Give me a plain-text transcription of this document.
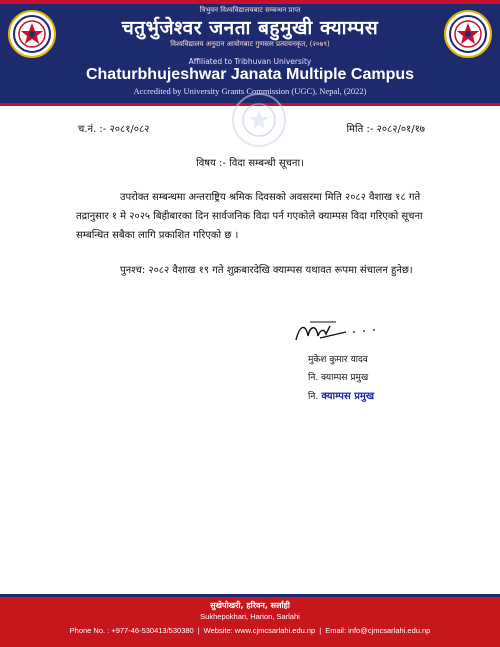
त्रिभुवन विश्वविद्यालयबाट सम्बन्धन प्राप्त
चतुर्भुजेश्वर जनता बहुमुखी क्याम्पस
विश्वविद्यालय अनुदान आयोगबाट गुणस्तर प्रत्यायनकृत, (२०७९)
Affiliated to Tribhuvan University
Chaturbhujeshwar Janata Multiple Campus
Accredited by University Grants Commission (UGC), Nepal, (2022)
च.नं. :- २०८१/०८२	मिति :- २०८२/०१/१७
विषय :- विदा सम्बन्धी सूचना।
उपरोक्त सम्बन्धमा अन्तराष्ट्रिय श्रमिक दिवसको अवसरमा मिति २०८२ वैशाख १८ गते तद्रानुसार १ मे २०२५ बिहीबारका दिन सार्वजनिक विदा पर्न गएकोले क्याम्पस विदा गरिएको सूचना सम्बन्धित सबैका लागि प्रकाशित गरिएको छ ।
पुनश्च: २०८२ वैशाख १९ गते शुक्रबारदेखि क्याम्पस यथावत रूपमा संचालन हुनेछ।
मुकेश कुमार यादव
नि. क्याम्पस प्रमुख
नि. क्याम्पस प्रमुख
सुखेपोखरी, हरिवन, सर्लाही
Sukhepokhari, Harion, Sarlahi
Phone No. : +977-46-530413/530380 | Website: www.cjmcsarlahi.edu.np | Email: info@cjmcsarlahi.edu.np
